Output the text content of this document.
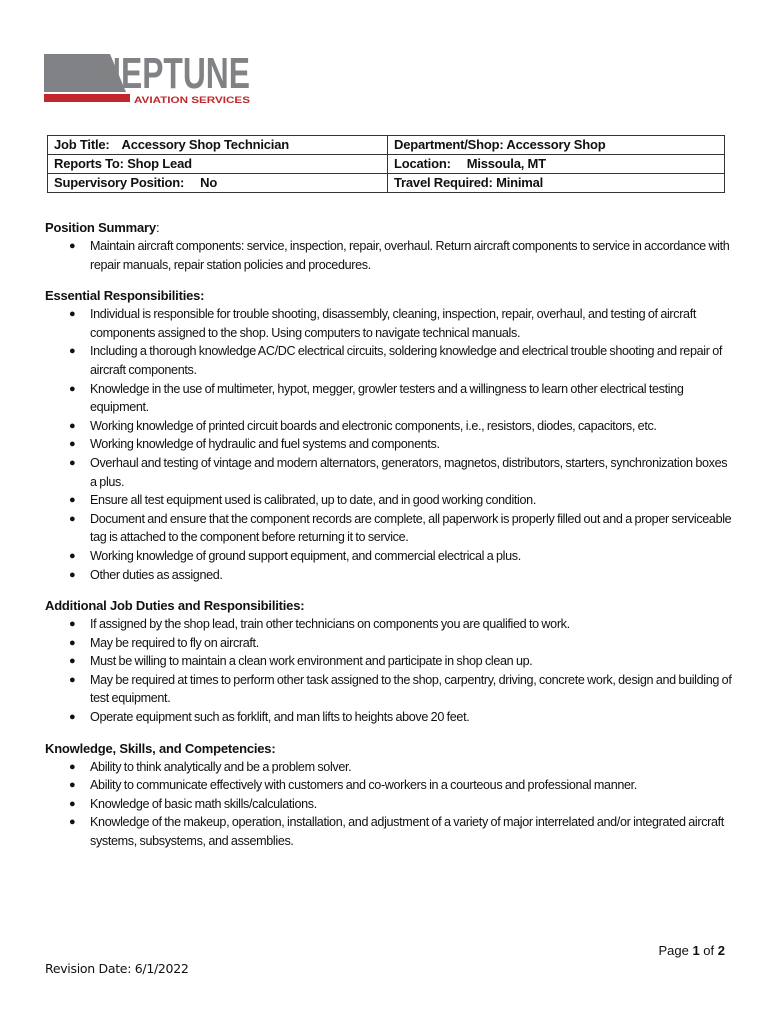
NEPTUNE
AVIATION SERVICES
Job Title: Accessory Shop Technician	Department/Shop: Accessory Shop
Reports To: Shop Lead	Location: Missoula, MT
Supervisory Position: No	Travel Required: Minimal
Position Summary:
● Maintain aircraft components: service, inspection, repair, overhaul. Return aircraft components to service in accordance with repair manuals, repair station policies and procedures.
Essential Responsibilities:
● Individual is responsible for trouble shooting, disassembly, cleaning, inspection, repair, overhaul, and testing of aircraft components assigned to the shop. Using computers to navigate technical manuals.
● Including a thorough knowledge AC/DC electrical circuits, soldering knowledge and electrical trouble shooting and repair of aircraft components.
● Knowledge in the use of multimeter, hypot, megger, growler testers and a willingness to learn other electrical testing equipment.
● Working knowledge of printed circuit boards and electronic components, i.e., resistors, diodes, capacitors, etc.
● Working knowledge of hydraulic and fuel systems and components.
● Overhaul and testing of vintage and modern alternators, generators, magnetos, distributors, starters, synchronization boxes a plus.
● Ensure all test equipment used is calibrated, up to date, and in good working condition.
● Document and ensure that the component records are complete, all paperwork is properly filled out and a proper serviceable tag is attached to the component before returning it to service.
● Working knowledge of ground support equipment, and commercial electrical a plus.
● Other duties as assigned.
Additional Job Duties and Responsibilities:
● If assigned by the shop lead, train other technicians on components you are qualified to work.
● May be required to fly on aircraft.
● Must be willing to maintain a clean work environment and participate in shop clean up.
● May be required at times to perform other task assigned to the shop, carpentry, driving, concrete work, design and building of test equipment.
● Operate equipment such as forklift, and man lifts to heights above 20 feet.
Knowledge, Skills, and Competencies:
● Ability to think analytically and be a problem solver.
● Ability to communicate effectively with customers and co-workers in a courteous and professional manner.
● Knowledge of basic math skills/calculations.
● Knowledge of the makeup, operation, installation, and adjustment of a variety of major interrelated and/or integrated aircraft systems, subsystems, and assemblies.
Page 1 of 2
Revision Date: 6/1/2022
